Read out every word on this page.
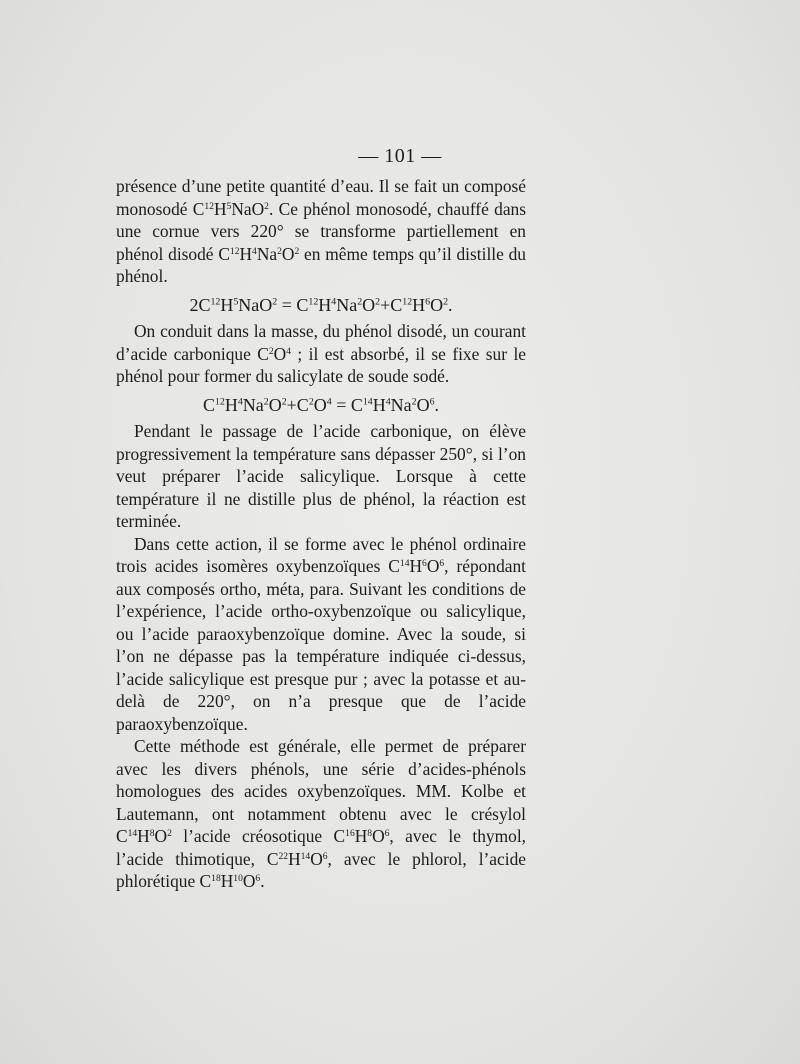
— 101 —
présence d’une petite quantité d’eau. Il se fait un composé monosodé $C^{12}H^5NaO^2$. Ce phénol monosodé, chauffé dans une cornue vers 220° se transforme partiellement en phénol disodé $C^{12}H^4Na^2O^2$ en même temps qu’il distille du phénol.
$2C^{12}H^5NaO^2 = C^{12}H^4Na^2O^2+C^{12}H^6O^2$.
On conduit dans la masse, du phénol disodé, un courant d’acide carbonique $C^2O^4$ ; il est absorbé, il se fixe sur le phénol pour former du salicylate de soude sodé.
$C^{12}H^4Na^2O^2+C^2O^4 = C^{14}H^4Na^2O^6$.
Pendant le passage de l’acide carbonique, on élève progressivement la température sans dépasser 250°, si l’on veut préparer l’acide salicylique. Lorsque à cette température il ne distille plus de phénol, la réaction est terminée.
Dans cette action, il se forme avec le phénol ordinaire trois acides isomères oxybenzoïques $C^{14}H^6O^6$, répondant aux composés ortho, méta, para. Suivant les conditions de l’expérience, l’acide ortho-oxybenzoïque ou salicylique, ou l’acide paraoxybenzoïque domine. Avec la soude, si l’on ne dépasse pas la température indiquée ci-dessus, l’acide salicylique est presque pur ; avec la potasse et au-delà de 220°, on n’a presque que de l’acide paraoxybenzoïque.
Cette méthode est générale, elle permet de préparer avec les divers phénols, une série d’acides-phénols homologues des acides oxybenzoïques. MM. Kolbe et Lautemann, ont notamment obtenu avec le crésylol $C^{14}H^8O^2$ l’acide créosotique $C^{16}H^8O^6$, avec le thymol, l’acide thimotique, $C^{22}H^{14}O^6$, avec le phlorol, l’acide phlorétique $C^{18}H^{10}O^6$.
